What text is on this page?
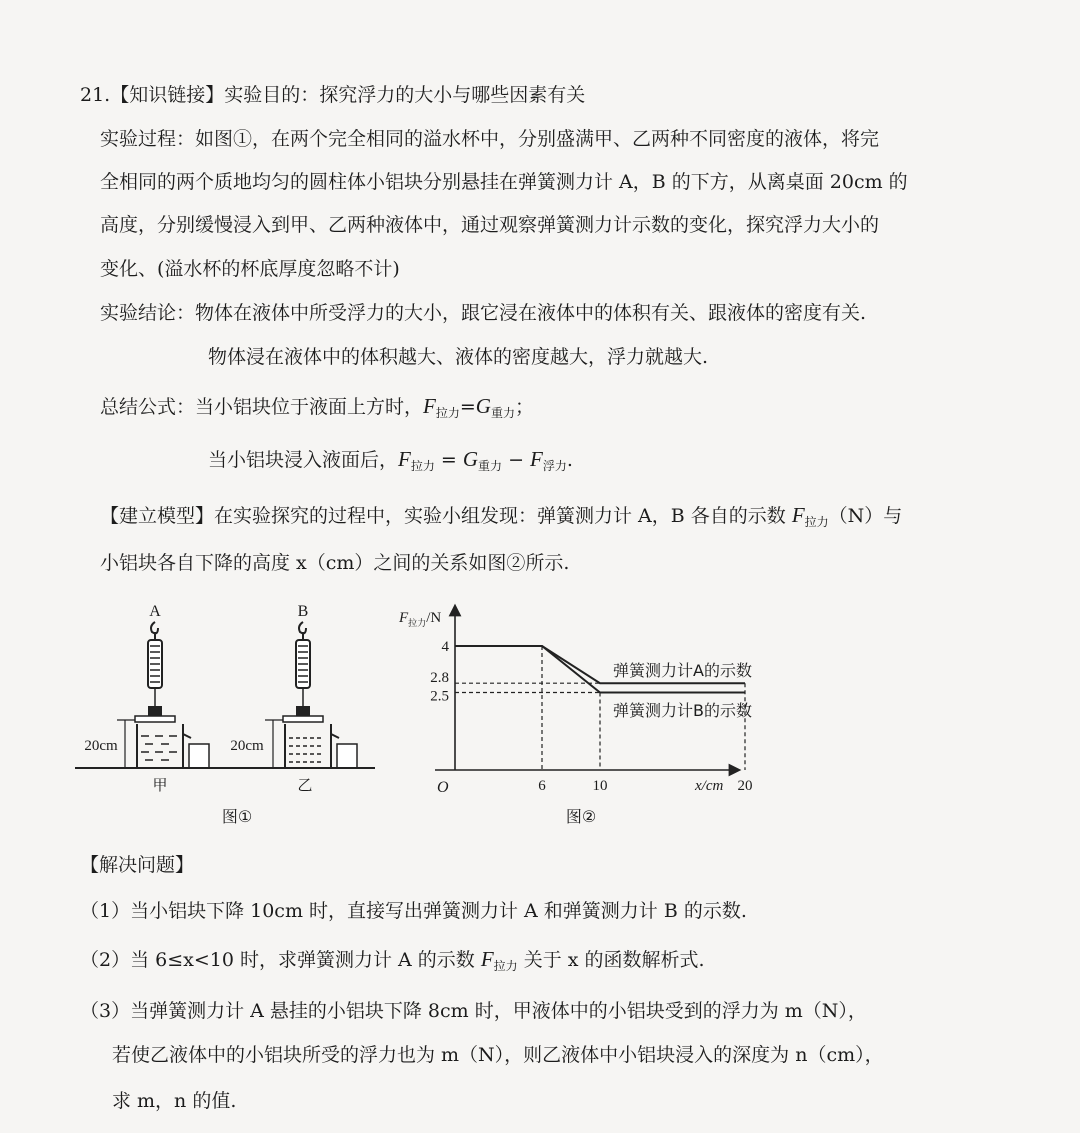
21.【知识链接】实验目的：探究浮力的大小与哪些因素有关
实验过程：如图①，在两个完全相同的溢水杯中，分别盛满甲、乙两种不同密度的液体，将完
全相同的两个质地均匀的圆柱体小铝块分别悬挂在弹簧测力计 A，B 的下方，从离桌面 20cm 的
高度，分别缓慢浸入到甲、乙两种液体中，通过观察弹簧测力计示数的变化，探究浮力大小的
变化、(溢水杯的杯底厚度忽略不计)
实验结论：物体在液体中所受浮力的大小，跟它浸在液体中的体积有关、跟液体的密度有关.
物体浸在液体中的体积越大、液体的密度越大，浮力就越大.
总结公式：当小铝块位于液面上方时，$F_{拉力}=G_{重力}$；
当小铝块浸入液面后，$F_{拉力} = G_{重力} - F_{浮力}$.
【建立模型】在实验探究的过程中，实验小组发现：弹簧测力计 A，B 各自的示数 $F_{拉力}(N)$与
小铝块各自下降的高度 x（cm）之间的关系如图②所示.
A
20cm
甲
B
20cm
乙
图①
$F_{拉力}/N$
O	x/cm
4
2.8
2.5
6	10	20
弹簧测力计A的示数
弹簧测力计B的示数
图②
【解决问题】
（1）当小铝块下降 10cm 时，直接写出弹簧测力计 A 和弹簧测力计 B 的示数.
（2）当 6≤x<10 时，求弹簧测力计 A 的示数 $F_{拉力}$ 关于 x 的函数解析式.
（3）当弹簧测力计 A 悬挂的小铝块下降 8cm 时，甲液体中的小铝块受到的浮力为 m（N），
若使乙液体中的小铝块所受的浮力也为 m（N），则乙液体中小铝块浸入的深度为 n（cm），
求 m，n 的值.
